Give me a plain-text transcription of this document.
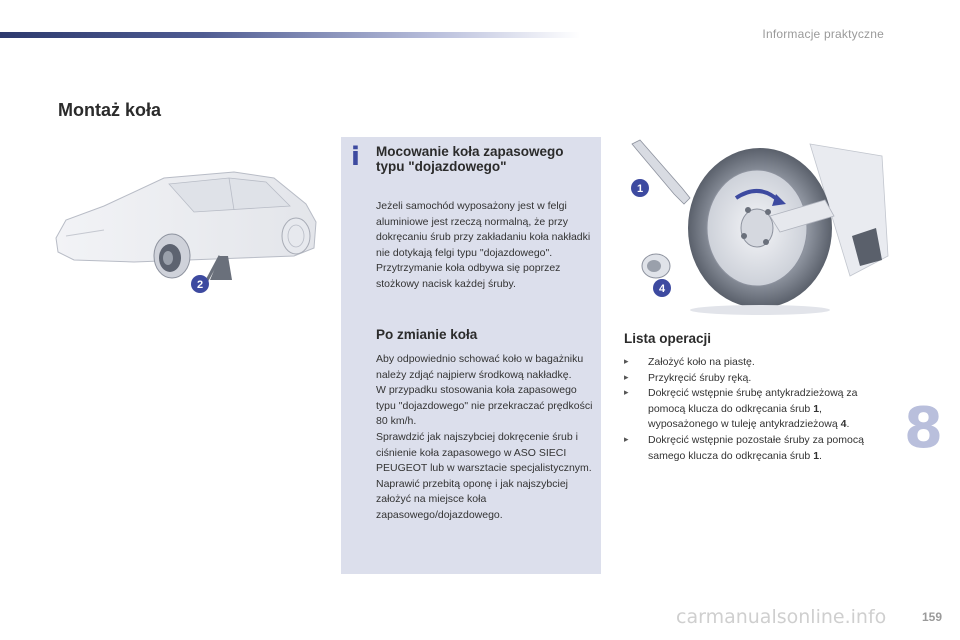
Informacje praktyczne
Montaż koła
2
i	Mocowanie koła zapasowego typu "dojazdowego"
Jeżeli samochód wyposażony jest w felgi aluminiowe jest rzeczą normalną, że przy dokręcaniu śrub przy zakładaniu koła nakładki nie dotykają felgi typu "dojazdowego". Przytrzymanie koła odbywa się poprzez stożkowy nacisk każdej śruby.
Po zmianie koła
Aby odpowiednio schować koło w bagażniku należy zdjąć najpierw środkową nakładkę.
W przypadku stosowania koła zapasowego typu "dojazdowego" nie przekraczać prędkości 80 km/h.
Sprawdzić jak najszybciej dokręcenie śrub i ciśnienie koła zapasowego w ASO SIECI PEUGEOT lub w warsztacie specjalistycznym.
Naprawić przebitą oponę i jak najszybciej założyć na miejsce koła zapasowego/dojazdowego.
1
4
Lista operacji
▸ Założyć koło na piastę.
▸ Przykręcić śruby ręką.
▸ Dokręcić wstępnie śrubę antykradzieżową za pomocą klucza do odkręcania śrub 1, wyposażonego w tuleję antykradzieżową 4.
▸ Dokręcić wstępnie pozostałe śruby za pomocą samego klucza do odkręcania śrub 1.	8
159
carmanualsonline.info
